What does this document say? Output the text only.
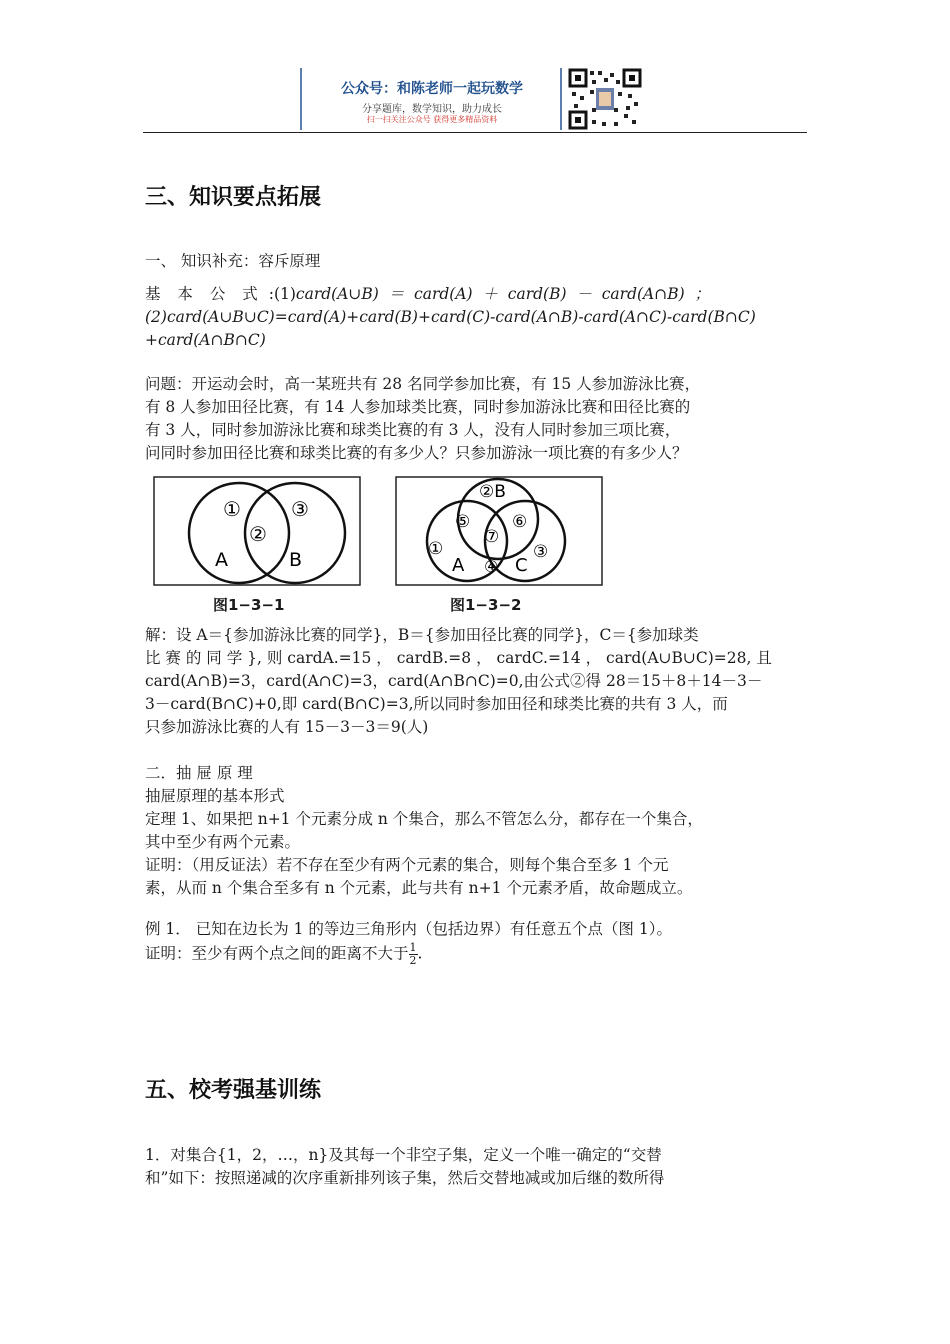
公众号：和陈老师一起玩数学
分享题库，数学知识，助力成长
扫一扫关注公众号 获得更多精品资料
三、知识要点拓展
一、 知识补充：容斥原理
基 本 公 式 :(1)card(A∪B)  ＝  card(A)  ＋  card(B)  －  card(A∩B)  ；
(2)card(A∪B∪C)=card(A)+card(B)+card(C)-card(A∩B)-card(A∩C)-card(B∩C)
+card(A∩B∩C)
问题：开运动会时，高一某班共有 28 名同学参加比赛，有 15 人参加游泳比赛，
有 8 人参加田径比赛，有 14 人参加球类比赛，同时参加游泳比赛和田径比赛的
有 3 人，同时参加游泳比赛和球类比赛的有 3 人，没有人同时参加三项比赛，
问同时参加田径比赛和球类比赛的有多少人？只参加游泳一项比赛的有多少人？
①
②
③
A	B
图1−3−1
②B
⑤ ⑥
⑦
①	③
A ④ C
图1−3−2
解：设 A＝{参加游泳比赛的同学}，B＝{参加田径比赛的同学}，C＝{参加球类
比 赛 的 同 学 }, 则 cardA.=15 ， cardB.=8 ， cardC.=14 ， card(A∪B∪C)=28, 且
card(A∩B)=3，card(A∩C)=3，card(A∩B∩C)=0,由公式②得 28＝15＋8＋14－3－
3－card(B∩C)+0,即 card(B∩C)=3,所以同时参加田径和球类比赛的共有 3 人，而
只参加游泳比赛的人有 15－3－3＝9(人)
二．抽 屉 原 理
抽屉原理的基本形式
定理 1、如果把 n+1 个元素分成 n 个集合，那么不管怎么分，都存在一个集合，
其中至少有两个元素。
证明：（用反证法）若不存在至少有两个元素的集合，则每个集合至多 1 个元
素，从而 n 个集合至多有 n 个元素，此与共有 n+1 个元素矛盾，故命题成立。
例 1． 已知在边长为 1 的等边三角形内（包括边界）有任意五个点（图 1）。
证明：至少有两个点之间的距离不大于 $\frac{1}{2}$ .
五、校考强基训练
1．对集合{1，2，…，n}及其每一个非空子集，定义一个唯一确定的“交替
和”如下：按照递减的次序重新排列该子集，然后交替地减或加后继的数所得
